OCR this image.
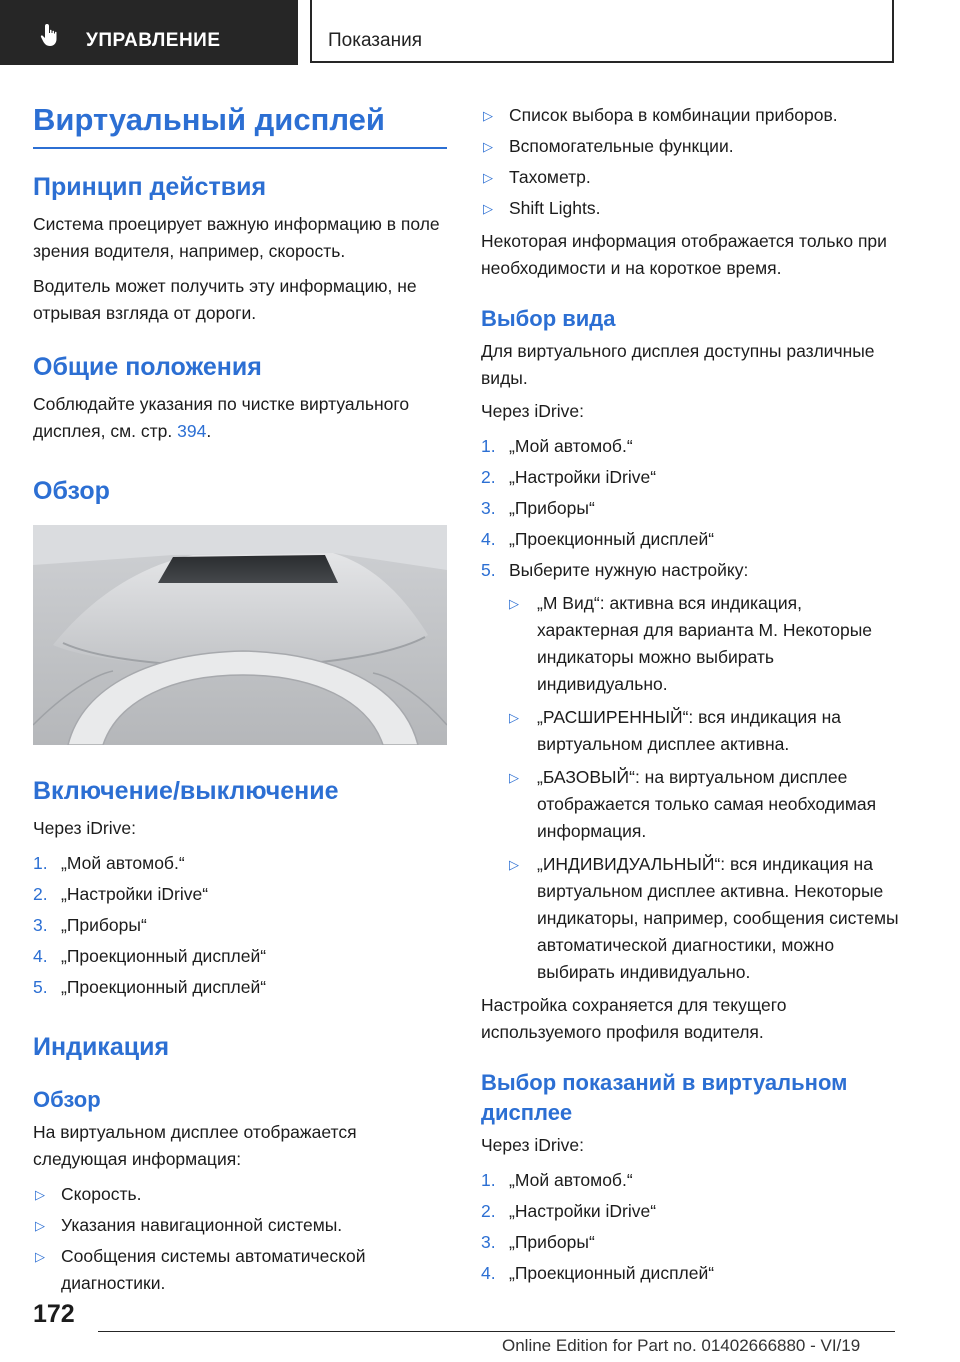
УПРАВЛЕНИЕ	Показания
Виртуальный дисплей
Принцип действия

Система проецирует важную информацию в поле зрения водителя, например, скорость.

Водитель может получить эту информацию, не отрывая взгляда от дороги.

Общие положения

Соблюдайте указания по чистке виртуального дисплея, см. стр. 394.

Обзор
Включение/выключение

Через iDrive:

1. „Мой автомоб.“
2. „Настройки iDrive“
3. „Приборы“
4. „Проекционный дисплей“
5. „Проекционный дисплей“
Индикация
Обзор

На виртуальном дисплее отображается следующая информация:

▷ Скорость.
▷ Указания навигационной системы.
▷ Сообщения системы автоматической диагностики.
▷ Список выбора в комбинации приборов.
▷ Вспомогательные функции.
▷ Тахометр.
▷ Shift Lights.

Некоторая информация отображается только при необходимости и на короткое время.

Выбор вида

Для виртуального дисплея доступны различные виды.

Через iDrive:

1. „Мой автомоб.“
2. „Настройки iDrive“
3. „Приборы“
4. „Проекционный дисплей“
5. Выберите нужную настройку:
▷ „M Вид“: активна вся индикация, характерная для варианта M. Некоторые индикаторы можно выбирать индивидуально.
▷ „РАСШИРЕННЫЙ“: вся индикация на виртуальном дисплее активна.
▷ „БАЗОВЫЙ“: на виртуальном дисплее отображается только самая необходимая информация.
▷ „ИНДИВИДУАЛЬНЫЙ“: вся индикация на виртуальном дисплее активна. Некоторые индикаторы, например, сообщения системы автоматической диагностики, можно выбирать индивидуально.

Настройка сохраняется для текущего используемого профиля водителя.

Выбор показаний в виртуальном дисплее

Через iDrive:

1. „Мой автомоб.“
2. „Настройки iDrive“
3. „Приборы“
4. „Проекционный дисплей“
172
Online Edition for Part no. 01402666880 - VI/19
